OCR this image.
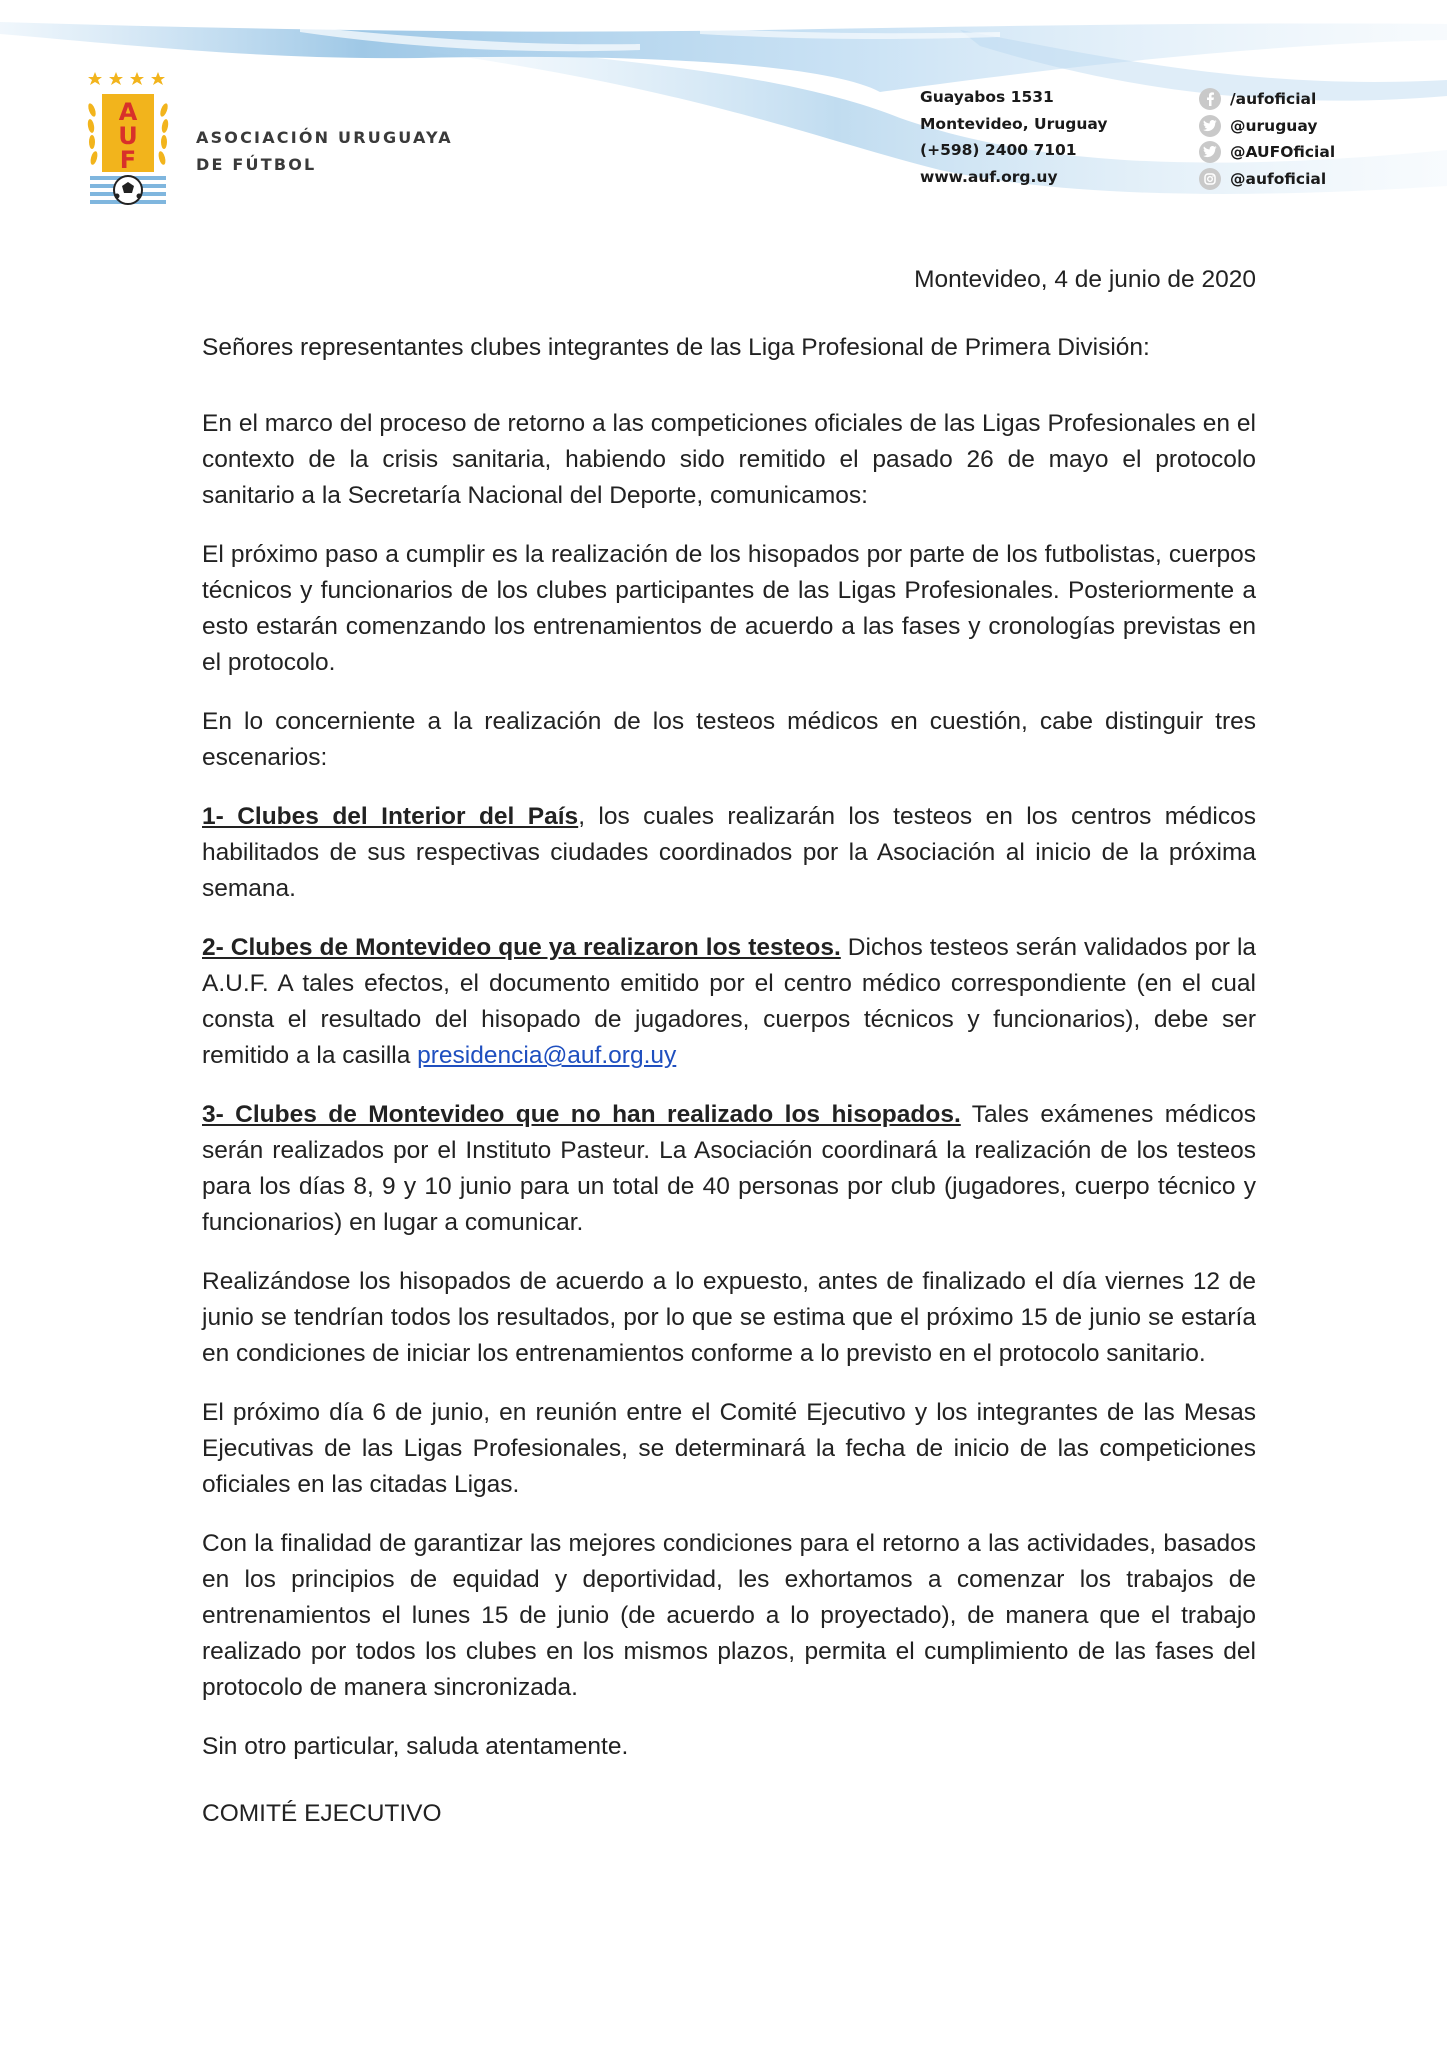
A
U
F
ASOCIACIÓN URUGUAYA
DE FÚTBOL
Guayabos 1531
Montevideo, Uruguay
(+598) 2400 7101
www.auf.org.uy
/aufoficial
@uruguay
@AUFOficial
@aufoficial
Montevideo, 4 de junio de 2020
Señores representantes clubes integrantes de las Liga Profesional de Primera División:

En el marco del proceso de retorno a las competiciones oficiales de las Ligas Profesionales en el contexto de la crisis sanitaria, habiendo sido remitido el pasado 26 de mayo el protocolo sanitario a la Secretaría Nacional del Deporte, comunicamos:

El próximo paso a cumplir es la realización de los hisopados por parte de los futbolistas, cuerpos técnicos y funcionarios de los clubes participantes de las Ligas Profesionales. Posteriormente a esto estarán comenzando los entrenamientos de acuerdo a las fases y cronologías previstas en el protocolo.

En lo concerniente a la realización de los testeos médicos en cuestión, cabe distinguir tres escenarios:

1- Clubes del Interior del País, los cuales realizarán los testeos en los centros médicos habilitados de sus respectivas ciudades coordinados por la Asociación al inicio de la próxima semana.

2- Clubes de Montevideo que ya realizaron los testeos. Dichos testeos serán validados por la A.U.F. A tales efectos, el documento emitido por el centro médico correspondiente (en el cual consta el resultado del hisopado de jugadores, cuerpos técnicos y funcionarios), debe ser remitido a la casilla presidencia@auf.org.uy

3- Clubes de Montevideo que no han realizado los hisopados. Tales exámenes médicos serán realizados por el Instituto Pasteur. La Asociación coordinará la realización de los testeos para los días 8, 9 y 10 junio para un total de 40 personas por club (jugadores, cuerpo técnico y funcionarios) en lugar a comunicar.

Realizándose los hisopados de acuerdo a lo expuesto, antes de finalizado el día viernes 12 de junio se tendrían todos los resultados, por lo que se estima que el próximo 15 de junio se estaría en condiciones de iniciar los entrenamientos conforme a lo previsto en el protocolo sanitario.

El próximo día 6 de junio, en reunión entre el Comité Ejecutivo y los integrantes de las Mesas Ejecutivas de las Ligas Profesionales, se determinará la fecha de inicio de las competiciones oficiales en las citadas Ligas.

Con la finalidad de garantizar las mejores condiciones para el retorno a las actividades, basados en los principios de equidad y deportividad, les exhortamos a comenzar los trabajos de entrenamientos el lunes 15 de junio (de acuerdo a lo proyectado), de manera que el trabajo realizado por todos los clubes en los mismos plazos, permita el cumplimiento de las fases del protocolo de manera sincronizada.

Sin otro particular, saluda atentamente.
COMITÉ EJECUTIVO
